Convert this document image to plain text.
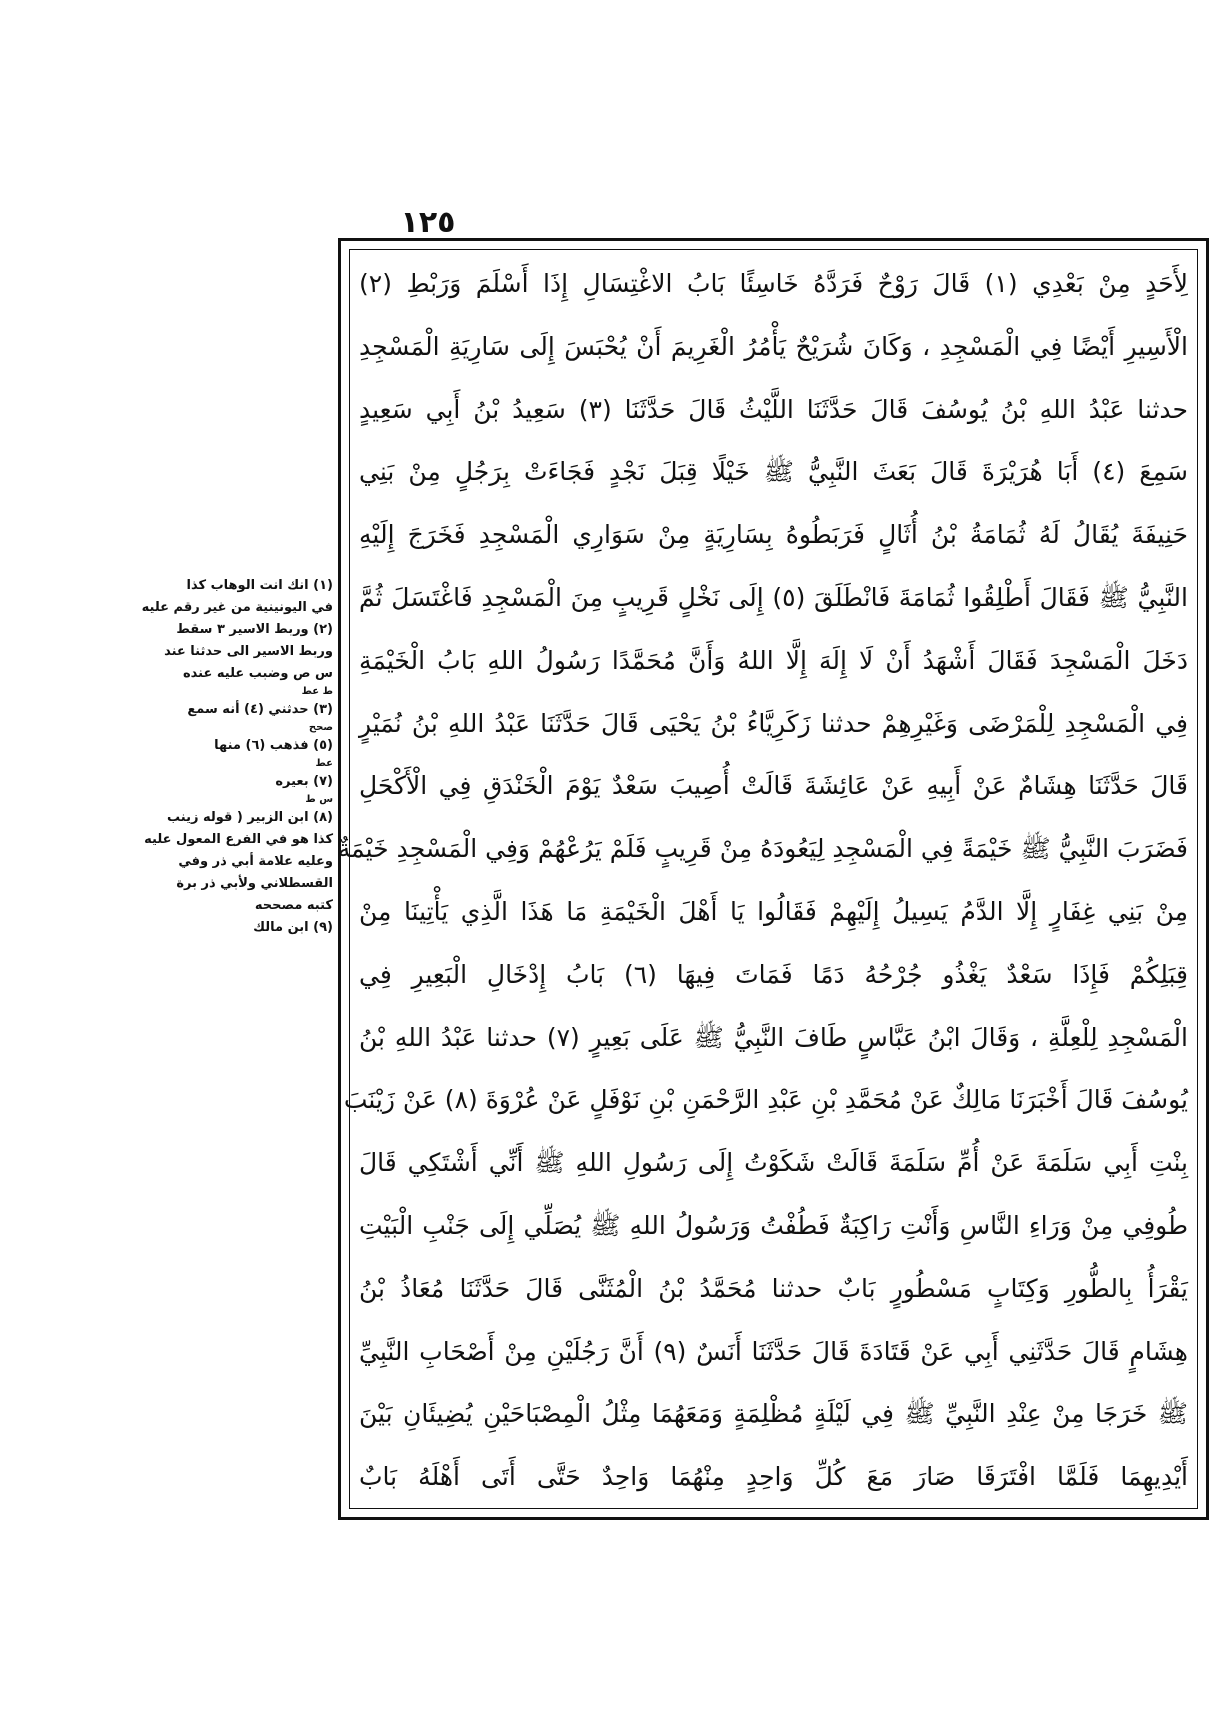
١٢٥
(١) انك انت الوهاب كذا
في اليونينية من غير رقم عليه
(٢) وربط الاسير ٣ سقط
وربط الاسير الى حدثنا عند
س ص وضبب عليه عنده
ط عط
(٣) حدثني (٤) أنه سمع
صحح
(٥) فذهب (٦) منها
عط
(٧) بعيره
س ط
(٨) ابن الزبير ( قوله زينب
كذا هو في الفرع المعول عليه
وعليه علامة أبي ذر وفي
القسطلاني ولأبي ذر برة
كتبه مصححه
(٩) ابن مالك
لِأَحَدٍ مِنْ بَعْدِي (١) قَالَ رَوْحٌ فَرَدَّهُ خَاسِئًا بَابُ الاغْتِسَالِ إِذَا أَسْلَمَ وَرَبْطِ (٢)
الْأَسِيرِ أَيْضًا فِي الْمَسْجِدِ ، وَكَانَ شُرَيْحٌ يَأْمُرُ الْغَرِيمَ أَنْ يُحْبَسَ إِلَى سَارِيَةِ الْمَسْجِدِ
حدثنا عَبْدُ اللهِ بْنُ يُوسُفَ قَالَ حَدَّثَنَا اللَّيْثُ قَالَ حَدَّثَنَا (٣) سَعِيدُ بْنُ أَبِي سَعِيدٍ
سَمِعَ (٤) أَبَا هُرَيْرَةَ قَالَ بَعَثَ النَّبِيُّ ﷺ خَيْلًا قِبَلَ نَجْدٍ فَجَاءَتْ بِرَجُلٍ مِنْ بَنِي
حَنِيفَةَ يُقَالُ لَهُ ثُمَامَةُ بْنُ أُثَالٍ فَرَبَطُوهُ بِسَارِيَةٍ مِنْ سَوَارِي الْمَسْجِدِ فَخَرَجَ إِلَيْهِ
النَّبِيُّ ﷺ فَقَالَ أَطْلِقُوا ثُمَامَةَ فَانْطَلَقَ (٥) إِلَى نَخْلٍ قَرِيبٍ مِنَ الْمَسْجِدِ فَاغْتَسَلَ ثُمَّ
دَخَلَ الْمَسْجِدَ فَقَالَ أَشْهَدُ أَنْ لَا إِلَهَ إِلَّا اللهُ وَأَنَّ مُحَمَّدًا رَسُولُ اللهِ بَابُ الْخَيْمَةِ
فِي الْمَسْجِدِ لِلْمَرْضَى وَغَيْرِهِمْ حدثنا زَكَرِيَّاءُ بْنُ يَحْيَى قَالَ حَدَّثَنَا عَبْدُ اللهِ بْنُ نُمَيْرٍ
قَالَ حَدَّثَنَا هِشَامٌ عَنْ أَبِيهِ عَنْ عَائِشَةَ قَالَتْ أُصِيبَ سَعْدٌ يَوْمَ الْخَنْدَقِ فِي الْأَكْحَلِ
فَضَرَبَ النَّبِيُّ ﷺ خَيْمَةً فِي الْمَسْجِدِ لِيَعُودَهُ مِنْ قَرِيبٍ فَلَمْ يَرُعْهُمْ وَفِي الْمَسْجِدِ خَيْمَةٌ
مِنْ بَنِي غِفَارٍ إِلَّا الدَّمُ يَسِيلُ إِلَيْهِمْ فَقَالُوا يَا أَهْلَ الْخَيْمَةِ مَا هَذَا الَّذِي يَأْتِينَا مِنْ
قِبَلِكُمْ فَإِذَا سَعْدٌ يَغْذُو جُرْحُهُ دَمًا فَمَاتَ فِيهَا (٦) بَابُ إِدْخَالِ الْبَعِيرِ فِي
الْمَسْجِدِ لِلْعِلَّةِ ، وَقَالَ ابْنُ عَبَّاسٍ طَافَ النَّبِيُّ ﷺ عَلَى بَعِيرٍ (٧) حدثنا عَبْدُ اللهِ بْنُ
يُوسُفَ قَالَ أَخْبَرَنَا مَالِكٌ عَنْ مُحَمَّدِ بْنِ عَبْدِ الرَّحْمَنِ بْنِ نَوْفَلٍ عَنْ عُرْوَةَ (٨) عَنْ زَيْنَبَ
بِنْتِ أَبِي سَلَمَةَ عَنْ أُمِّ سَلَمَةَ قَالَتْ شَكَوْتُ إِلَى رَسُولِ اللهِ ﷺ أَنِّي أَشْتَكِي قَالَ
طُوفِي مِنْ وَرَاءِ النَّاسِ وَأَنْتِ رَاكِبَةٌ فَطُفْتُ وَرَسُولُ اللهِ ﷺ يُصَلِّي إِلَى جَنْبِ الْبَيْتِ
يَقْرَأُ بِالطُّورِ وَكِتَابٍ مَسْطُورٍ بَابٌ حدثنا مُحَمَّدُ بْنُ الْمُثَنَّى قَالَ حَدَّثَنَا مُعَاذُ بْنُ
هِشَامٍ قَالَ حَدَّثَنِي أَبِي عَنْ قَتَادَةَ قَالَ حَدَّثَنَا أَنَسٌ (٩) أَنَّ رَجُلَيْنِ مِنْ أَصْحَابِ النَّبِيِّ
ﷺ خَرَجَا مِنْ عِنْدِ النَّبِيِّ ﷺ فِي لَيْلَةٍ مُظْلِمَةٍ وَمَعَهُمَا مِثْلُ الْمِصْبَاحَيْنِ يُضِيئَانِ بَيْنَ
أَيْدِيهِمَا فَلَمَّا افْتَرَقَا صَارَ مَعَ كُلِّ وَاحِدٍ مِنْهُمَا وَاحِدٌ حَتَّى أَتَى أَهْلَهُ بَابٌ
